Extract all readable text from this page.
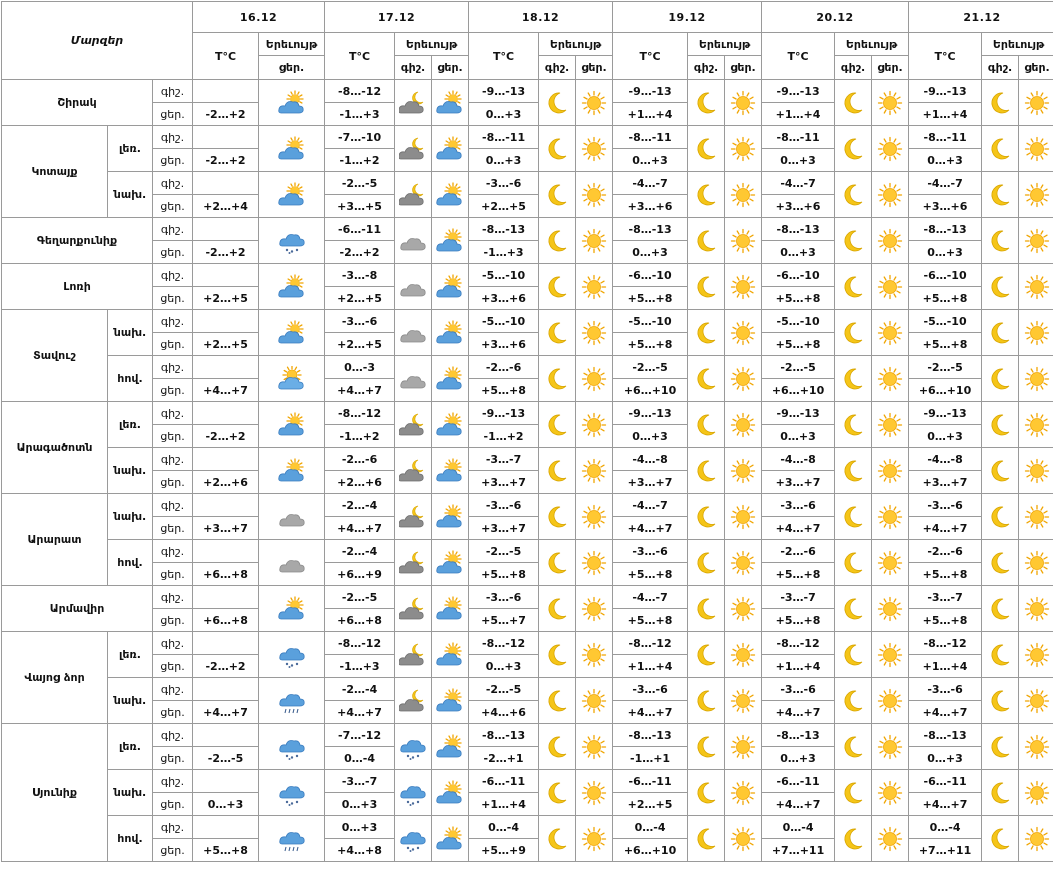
Մարզեր			16.12		17.12			18.12			19.12			20.12			21.12		
			T°C	Երեւույթ	T°C	Երեւույթ		T°C	Երեւույթ		T°C	Երեւույթ		T°C	Երեւույթ		T°C	Երեւույթ	
				ցեր.		գիշ.	ցեր.		գիշ.	ցեր.		գիշ.	ցեր.		գիշ.	ցեր.		գիշ.	ցեր.
Շիրակ		գիշ.			-8…-12			-9…-13			-9…-13			-9…-13			-9…-13	

		ցեր.	-2…+2		-1…+3			0…+3			+1…+4			+1…+4			+1…+4		
Կոտայք	լեռ.	գիշ.			-7…-10			-8…-11			-8…-11			-8…-11			-8…-11	

		ցեր.	-2…+2		-1…+2			0…+3			0…+3			0…+3			0…+3		
	նախ.	գիշ.			-2…-5			-3…-6			-4…-7			-4…-7			-4…-7	

		ցեր.	+2…+4		+3…+5			+2…+5			+3…+6			+3…+6			+3…+6		
Գեղարքունիք		գիշ.			-6…-11			-8…-13			-8…-13			-8…-13			-8…-13	

		ցեր.	-2…+2		-2…+2			-1…+3			0…+3			0…+3			0…+3		
Լոռի		գիշ.			-3…-8			-5…-10			-6…-10			-6…-10			-6…-10	

		ցեր.	+2…+5		+2…+5			+3…+6			+5…+8			+5…+8			+5…+8		
Տավուշ	նախ.	գիշ.			-3…-6			-5…-10			-5…-10			-5…-10			-5…-10	

		ցեր.	+2…+5		+2…+5			+3…+6			+5…+8			+5…+8			+5…+8		
	հով.	գիշ.			0…-3			-2…-6			-2…-5			-2…-5			-2…-5	

		ցեր.	+4…+7		+4…+7			+5…+8			+6…+10			+6…+10			+6…+10		
Արագածոտն	լեռ.	գիշ.			-8…-12			-9…-13			-9…-13			-9…-13			-9…-13	

		ցեր.	-2…+2		-1…+2			-1…+2			0…+3			0…+3			0…+3		
	նախ.	գիշ.			-2…-6			-3…-7			-4…-8			-4…-8			-4…-8	

		ցեր.	+2…+6		+2…+6			+3…+7			+3…+7			+3…+7			+3…+7		
Արարատ	նախ.	գիշ.			-2…-4			-3…-6			-4…-7			-3…-6			-3…-6	

		ցեր.	+3…+7		+4…+7			+3…+7			+4…+7			+4…+7			+4…+7		
	հով.	գիշ.			-2…-4			-2…-5			-3…-6			-2…-6			-2…-6	

		ցեր.	+6…+8		+6…+9			+5…+8			+5…+8			+5…+8			+5…+8		
Արմավիր		գիշ.			-2…-5			-3…-6			-4…-7			-3…-7			-3…-7	

		ցեր.	+6…+8		+6…+8			+5…+7			+5…+8			+5…+8			+5…+8		
Վայոց ձոր	լեռ.	գիշ.			-8…-12			-8…-12			-8…-12			-8…-12			-8…-12	

		ցեր.	-2…+2		-1…+3			0…+3			+1…+4			+1…+4			+1…+4		
	նախ.	գիշ.			-2…-4			-2…-5			-3…-6			-3…-6			-3…-6	

		ցեր.	+4…+7		+4…+7			+4…+6			+4…+7			+4…+7			+4…+7		
Սյունիք	լեռ.	գիշ.			-7…-12			-8…-13			-8…-13			-8…-13			-8…-13	

		ցեր.	-2…-5		0…-4			-2…+1			-1…+1			0…+3			0…+3		
	նախ.	գիշ.			-3…-7			-6…-11			-6…-11			-6…-11			-6…-11	

		ցեր.	0…+3		0…+3			+1…+4			+2…+5			+4…+7			+4…+7		
	հով.	գիշ.			0…+3			0…-4			0…-4			0…-4			0…-4	

		ցեր.	+5…+8		+4…+8			+5…+9			+6…+10			+7…+11			+7…+11		
